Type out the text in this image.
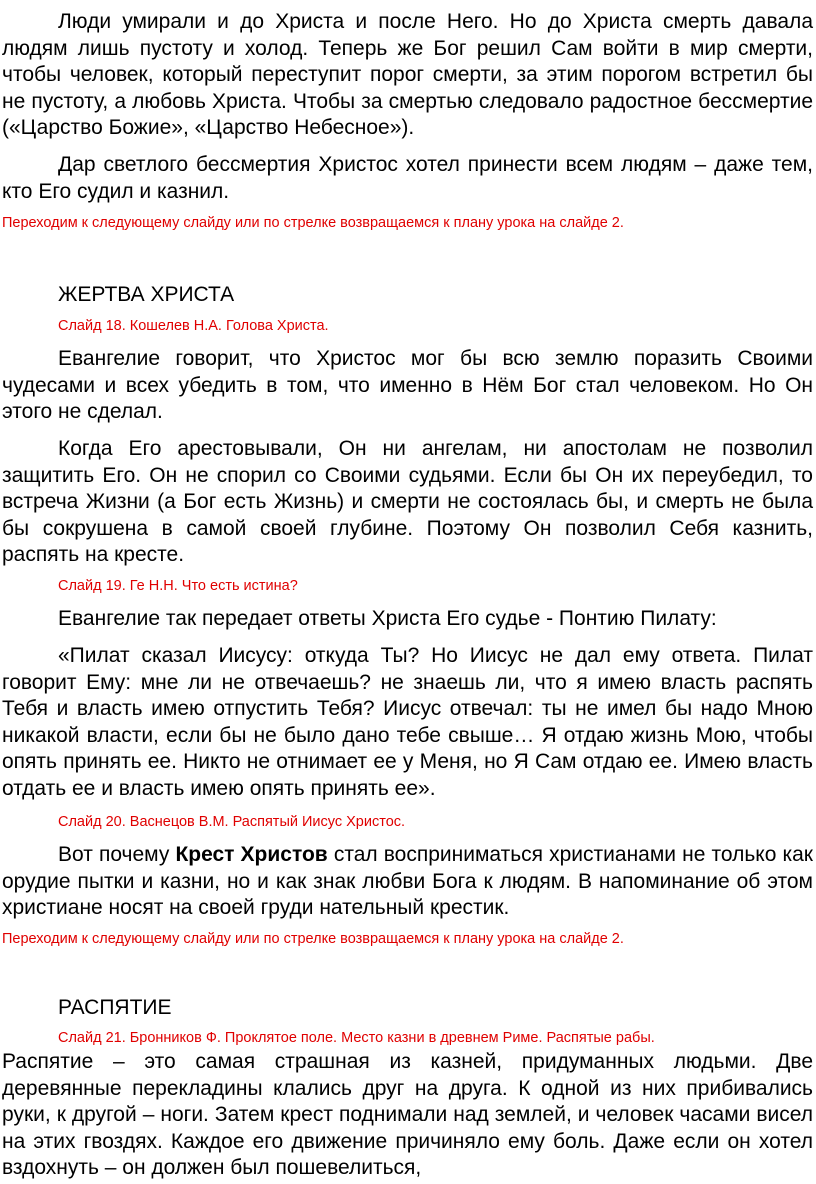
Люди умирали и до Христа и после Него. Но до Христа смерть давала людям лишь пустоту и холод. Теперь же Бог решил Сам войти в мир смерти, чтобы человек, который переступит порог смерти, за этим порогом встретил бы не пустоту, а любовь Христа. Чтобы за смертью следовало радостное бессмертие («Царство Божие», «Царство Небесное»).

Дар светлого бессмертия Христос хотел принести всем людям – даже тем, кто Его судил и казнил.

Переходим к следующему слайду или по стрелке возвращаемся к плану урока на слайде 2.

ЖЕРТВА ХРИСТА

Слайд 18. Кошелев Н.А. Голова Христа.

Евангелие говорит, что Христос мог бы всю землю поразить Своими чудесами и всех убедить в том, что именно в Нём Бог стал человеком. Но Он этого не сделал.

Когда Его арестовывали, Он ни ангелам, ни апостолам не позволил защитить Его. Он не спорил со Своими судьями. Если бы Он их переубедил, то встреча Жизни (а Бог есть Жизнь) и смерти не состоялась бы, и смерть не была бы сокрушена в самой своей глубине. Поэтому Он позволил Себя казнить, распять на кресте.

Слайд 19. Ге Н.Н. Что есть истина?

Евангелие так передает ответы Христа Его судье - Понтию Пилату:

«Пилат сказал Иисусу: откуда Ты? Но Иисус не дал ему ответа. Пилат говорит Ему: мне ли не отвечаешь? не знаешь ли, что я имею власть распять Тебя и власть имею отпустить Тебя? Иисус отвечал: ты не имел бы надо Мною никакой власти, если бы не было дано тебе свыше… Я отдаю жизнь Мою, чтобы опять принять ее. Никто не отнимает ее у Меня, но Я Сам отдаю ее. Имею власть отдать ее и власть имею опять принять ее».

Слайд 20. Васнецов В.М. Распятый Иисус Христос.

Вот почему Крест Христов стал восприниматься христианами не только как орудие пытки и казни, но и как знак любви Бога к людям. В напоминание об этом христиане носят на своей груди нательный крестик.

Переходим к следующему слайду или по стрелке возвращаемся к плану урока на слайде 2.

РАСПЯТИЕ

Слайд 21. Бронников Ф. Проклятое поле. Место казни в древнем Риме. Распятые рабы.

Распятие – это самая страшная из казней, придуманных людьми. Две деревянные перекладины клались друг на друга. К одной из них прибивались руки, к другой – ноги. Затем крест поднимали над землей, и человек часами висел на этих гвоздях. Каждое его движение причиняло ему боль. Даже если он хотел вздохнуть – он должен был пошевелиться,
